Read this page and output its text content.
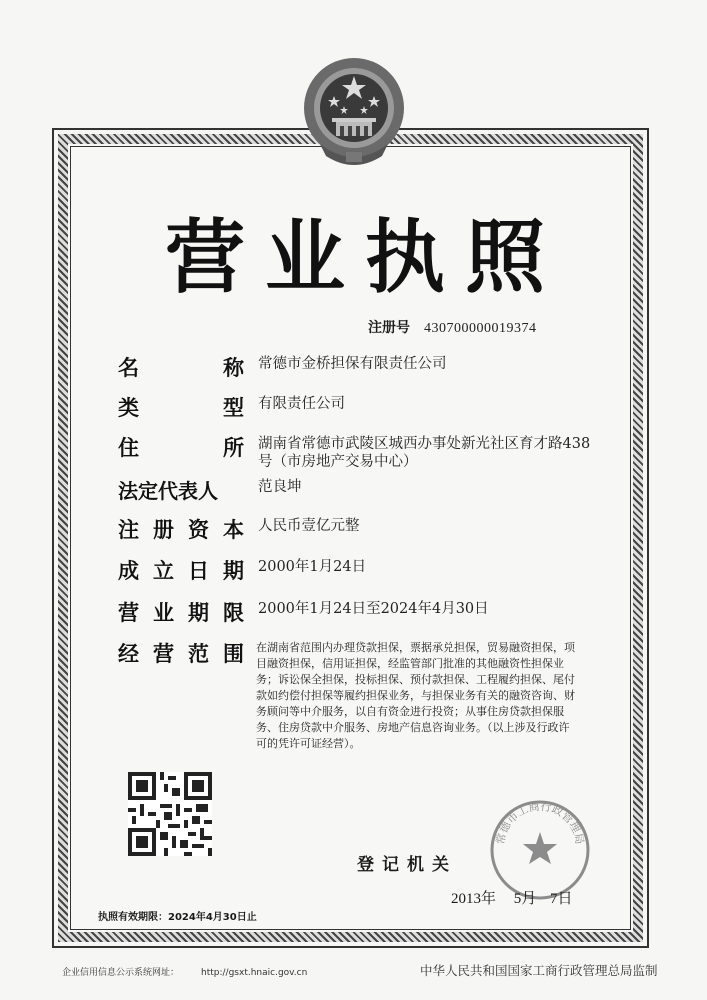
营 业 执 照
注册号 430700000019374
名	称 常德市金桥担保有限责任公司
类	型 有限责任公司
住	所 湖南省常德市武陵区城西办事处新光社区育才路438
号（市房地产交易中心）
法定代表人	范良坤
注 册 资 本 人民币壹亿元整
成 立 日 期 2000年1月24日
营 业 期 限 2000年1月24日至2024年4月30日
经 营 范 围 在湖南省范围内办理贷款担保，票据承兑担保，贸易融资担保，项
目融资担保，信用证担保，经监管部门批准的其他融资性担保业
务；诉讼保全担保，投标担保、预付款担保、工程履约担保、尾付
款如约偿付担保等履约担保业务，与担保业务有关的融资咨询、财
务顾问等中介服务，以自有资金进行投资；从事住房贷款担保服
务、住房贷款中介服务、房地产信息咨询业务。（以上涉及行政许
可的凭许可证经营）。
常德市工商行政管理局
登记机关
2013年 5月 7日
执照有效期限：2024年4月30日止
企业信用信息公示系统网址： http://gsxt.hnaic.gov.cn	中华人民共和国国家工商行政管理总局监制
